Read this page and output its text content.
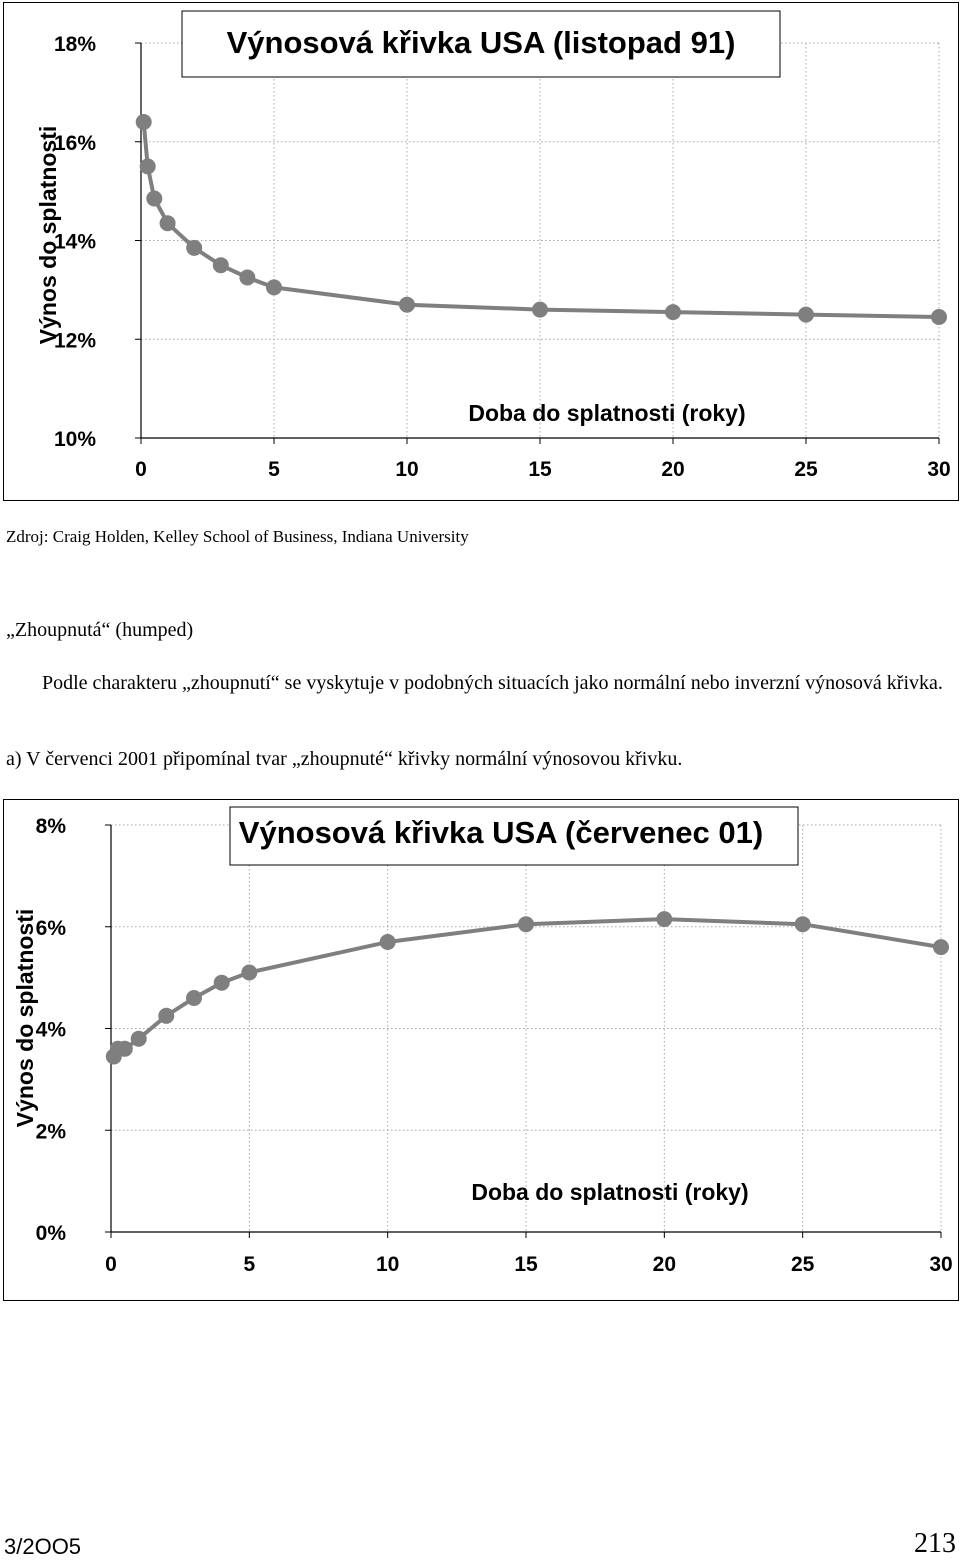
0	5	10	15	20	25	30
10%
12%
14%
16%
18%	Výnosová křivka USA (listopad 91)
Doba do splatnosti (roky)
Výnos do splatnosti
Zdroj: Craig Holden, Kelley School of Business, Indiana University
„Zhoupnutá“ (humped)
Podle charakteru „zhoupnutí“ se vyskytuje v podobných situacích jako normální nebo inverzní výnosová křivka.
a) V červenci 2001 připomínal tvar „zhoupnuté“ křivky normální výnosovou křivku.
0	5	10	15	20	25	30
0%
2%
4%
6%
8%	Výnosová křivka USA (červenec 01)
Doba do splatnosti (roky)
Výnos do splatnosti
3/2OO5	213
